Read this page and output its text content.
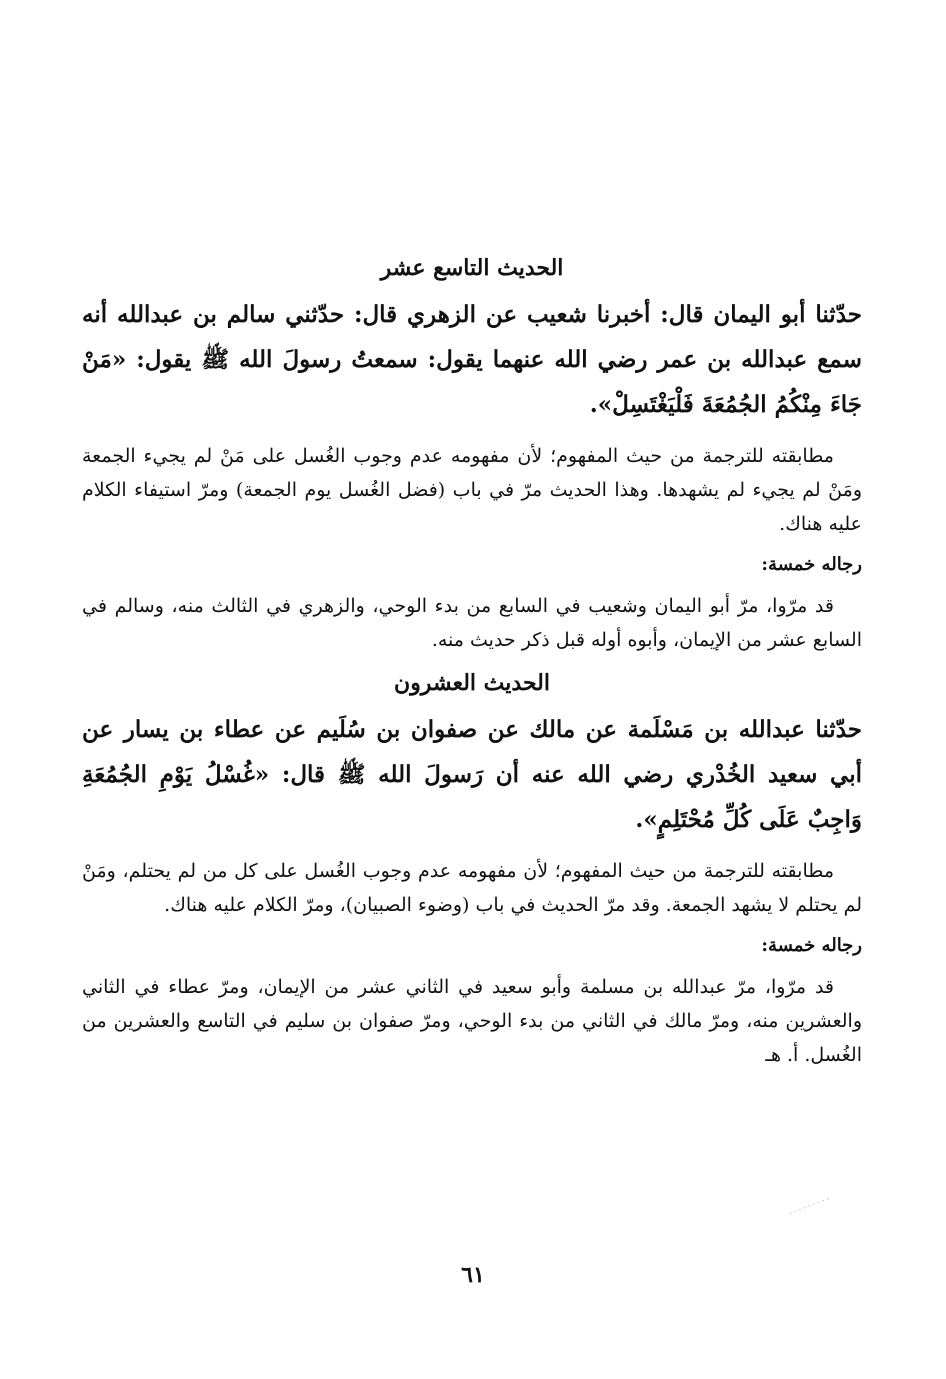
الحديث التاسع عشر
حدّثنا أبو اليمان قال: أخبرنا شعيب عن الزهري قال: حدّثني سالم بن عبدالله أنه سمع عبدالله بن عمر رضي الله عنهما يقول: سمعتُ رسولَ الله ﷺ يقول: «مَنْ جَاءَ مِنْكُمُ الجُمُعَةَ فَلْيَغْتَسِلْ».
مطابقته للترجمة من حيث المفهوم؛ لأن مفهومه عدم وجوب الغُسل على مَنْ لم يجيء الجمعة ومَنْ لم يجيء لم يشهدها. وهذا الحديث مرّ في باب (فضل الغُسل يوم الجمعة) ومرّ استيفاء الكلام عليه هناك.
رجاله خمسة:
قد مرّوا، مرّ أبو اليمان وشعيب في السابع من بدء الوحي، والزهري في الثالث منه، وسالم في السابع عشر من الإيمان، وأبوه أوله قبل ذكر حديث منه.
الحديث العشرون
حدّثنا عبدالله بن مَسْلَمة عن مالك عن صفوان بن سُلَيم عن عطاء بن يسار عن أبي سعيد الخُدْري رضي الله عنه أن رَسولَ الله ﷺ قال: «غُسْلُ يَوْمِ الجُمُعَةِ وَاجِبٌ عَلَى كُلِّ مُحْتَلِمٍ».
مطابقته للترجمة من حيث المفهوم؛ لأن مفهومه عدم وجوب الغُسل على كل من لم يحتلم، ومَنْ لم يحتلم لا يشهد الجمعة. وقد مرّ الحديث في باب (وضوء الصبيان)، ومرّ الكلام عليه هناك.
رجاله خمسة:
قد مرّوا، مرّ عبدالله بن مسلمة وأبو سعيد في الثاني عشر من الإيمان، ومرّ عطاء في الثاني والعشرين منه، ومرّ مالك في الثاني من بدء الوحي، ومرّ صفوان بن سليم في التاسع والعشرين من الغُسل. أ. هـ
٦١
